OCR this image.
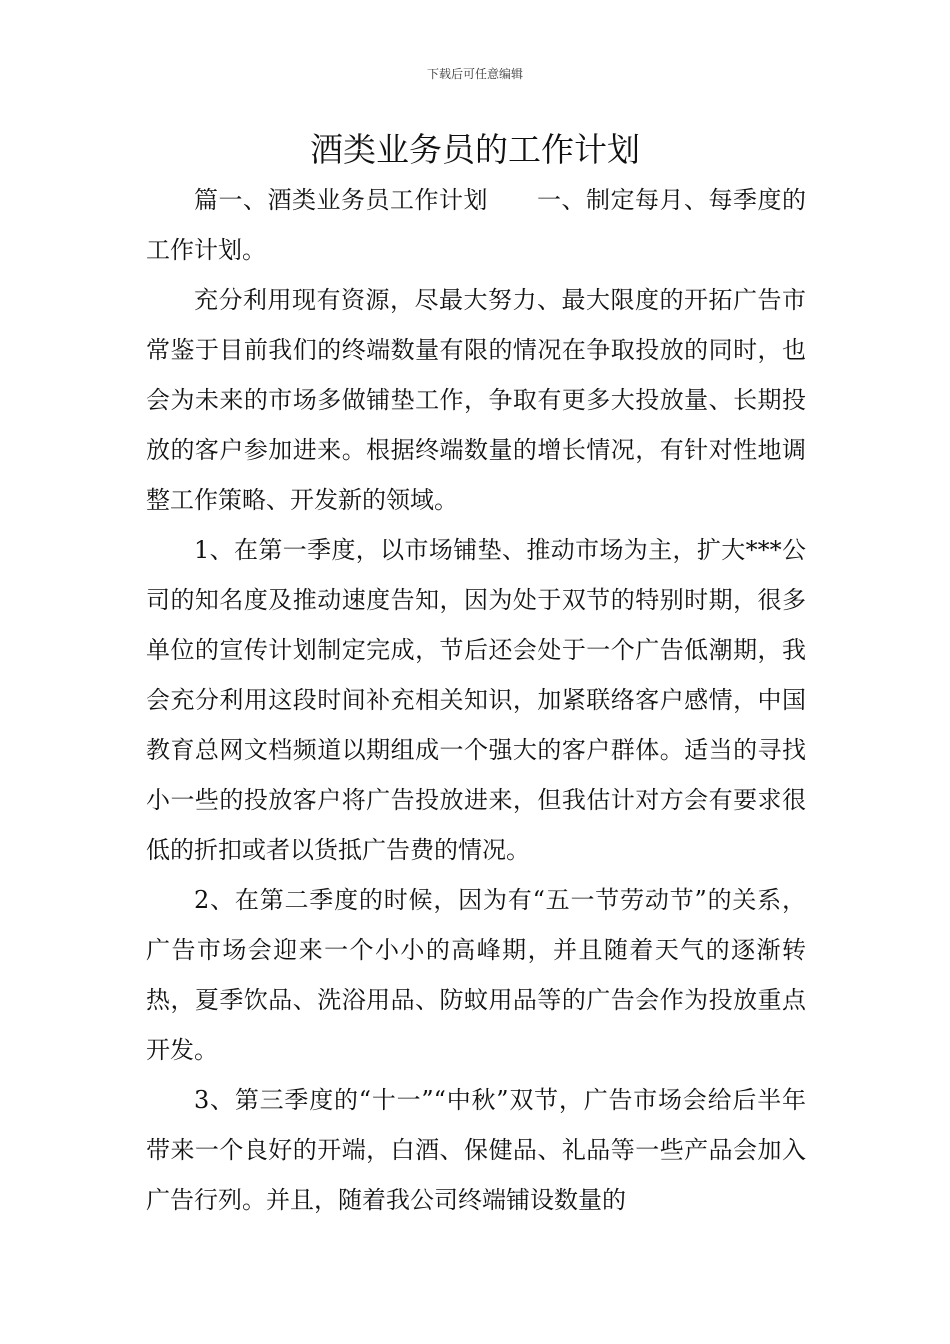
下载后可任意编辑
酒类业务员的工作计划

篇一、酒类业务员工作计划　　一、制定每月、每季度的工作计划。

充分利用现有资源，尽最大努力、最大限度的开拓广告市常鉴于目前我们的终端数量有限的情况在争取投放的同时，也会为未来的市场多做铺垫工作，争取有更多大投放量、长期投放的客户参加进来。根据终端数量的增长情况，有针对性地调整工作策略、开发新的领域。

1、在第一季度，以市场铺垫、推动市场为主，扩大***公司的知名度及推动速度告知，因为处于双节的特别时期，很多单位的宣传计划制定完成，节后还会处于一个广告低潮期，我会充分利用这段时间补充相关知识，加紧联络客户感情，中国教育总网文档频道以期组成一个强大的客户群体。适当的寻找小一些的投放客户将广告投放进来，但我估计对方会有要求很低的折扣或者以货抵广告费的情况。

2、在第二季度的时候，因为有“五一节劳动节”的关系，广告市场会迎来一个小小的高峰期，并且随着天气的逐渐转热，夏季饮品、洗浴用品、防蚊用品等的广告会作为投放重点开发。

3、第三季度的“十一”“中秋”双节，广告市场会给后半年带来一个良好的开端，白酒、保健品、礼品等一些产品会加入广告行列。并且，随着我公司终端铺设数量的
